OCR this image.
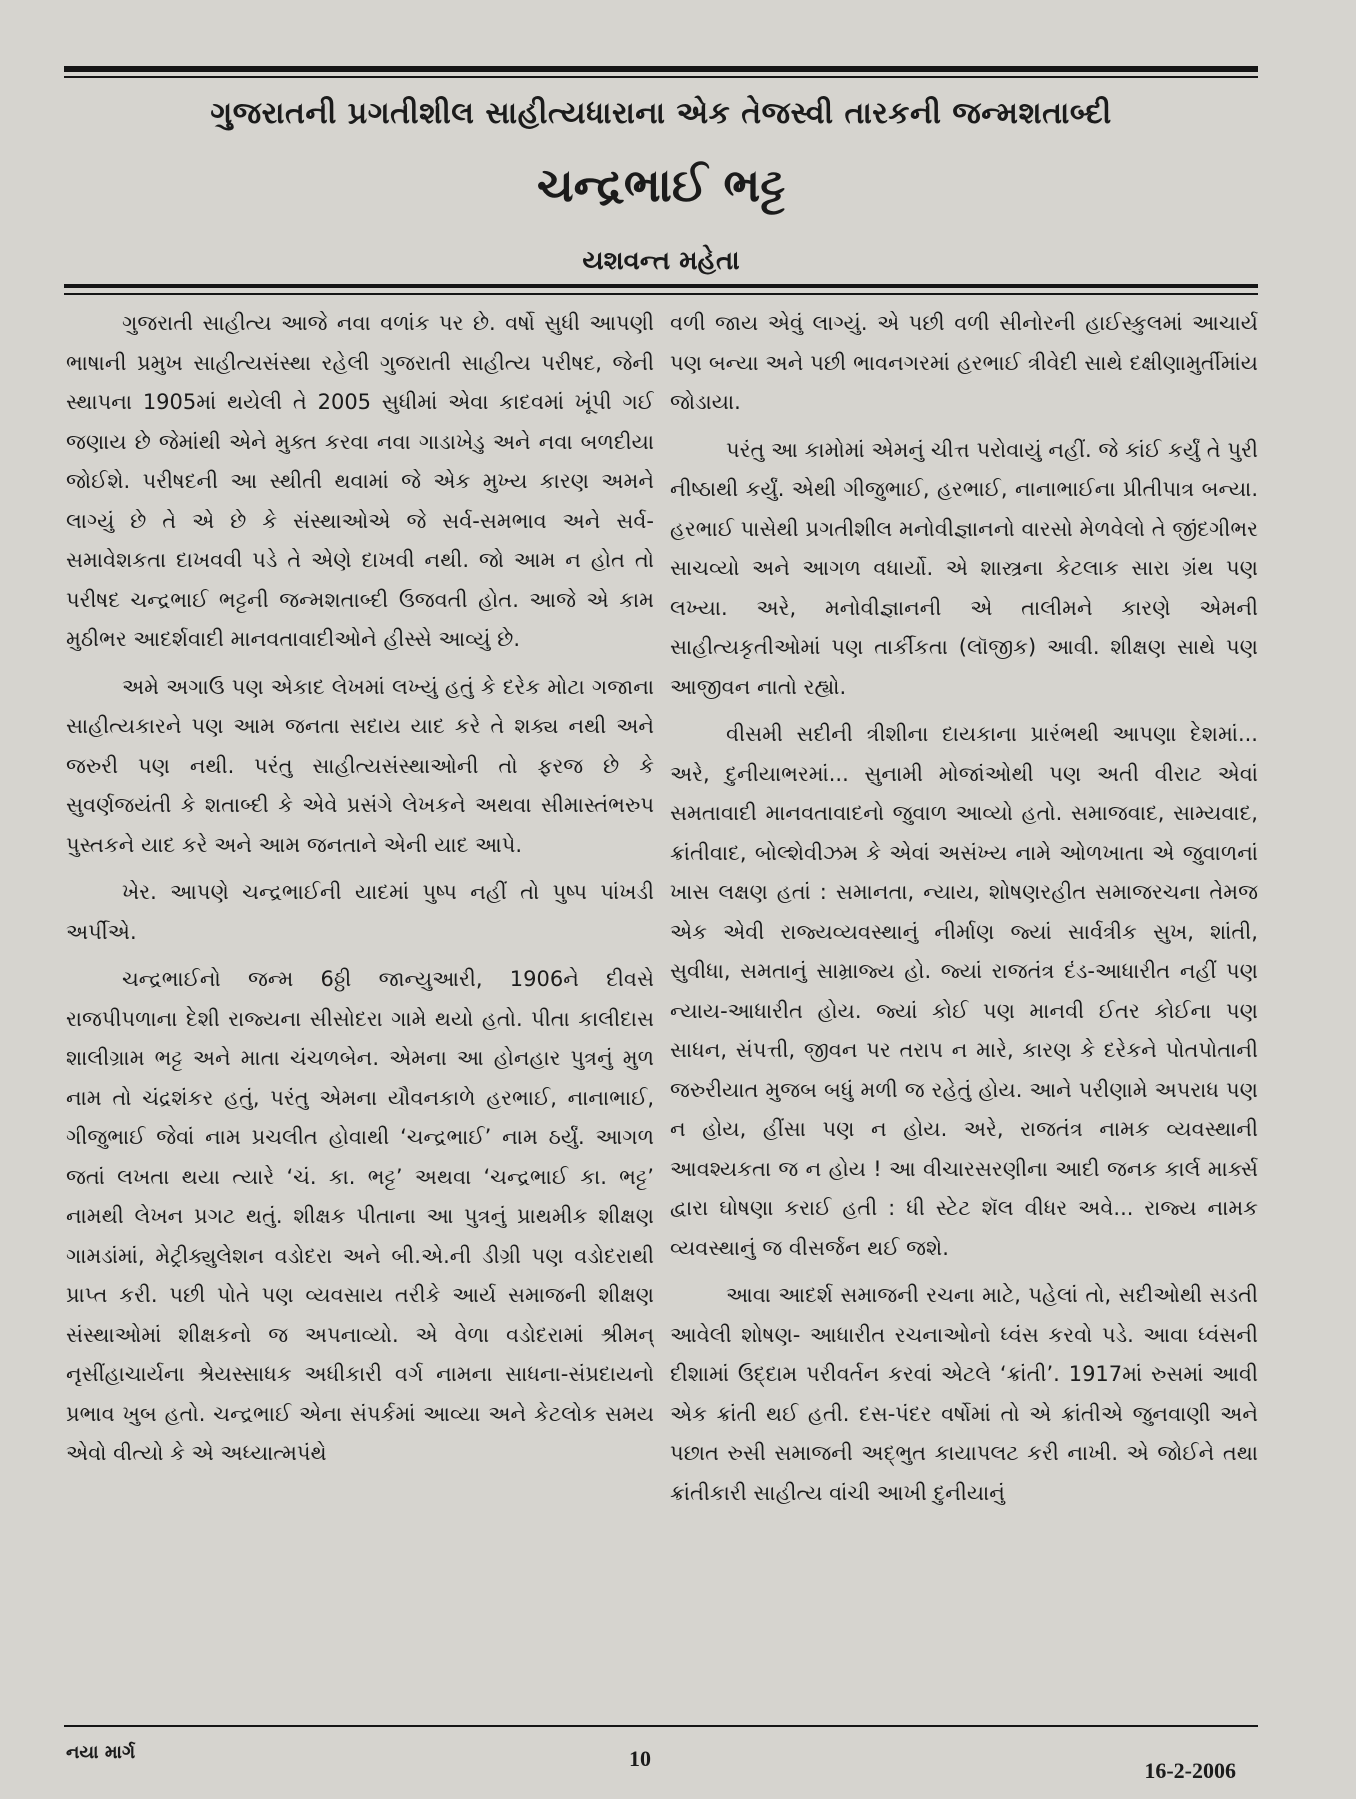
ગુજરાતની પ્રગતીશીલ સાહીત્યધારાના એક તેજસ્વી તારકની જન્મશતાબ્દી
ચન્દ્રભાઈ ભટ્ટ
યશવન્ત મહેતા

ગુજરાતી સાહીત્ય આજે નવા વળાંક પર છે. વર્ષો સુધી આપણી ભાષાની પ્રમુખ સાહીત્યસંસ્થા રહેલી ગુજરાતી સાહીત્ય પરીષદ, જેની સ્થાપના 1905માં થયેલી તે 2005 સુધીમાં એવા કાદવમાં ખૂંપી ગઈ જણાય છે જેમાંથી એને મુક્ત કરવા નવા ગાડાખેડુ અને નવા બળદીયા જોઈશે. પરીષદની આ સ્થીતી થવામાં જે એક મુખ્ય કારણ અમને લાગ્યું છે તે એ છે કે સંસ્થાઓએ જે સર્વ-સમભાવ અને સર્વ-સમાવેશકતા દાખવવી પડે તે એણે દાખવી નથી. જો આમ ન હોત તો પરીષદ ચન્દ્રભાઈ ભટ્ટની જન્મશતાબ્દી ઉજવતી હોત. આજે એ કામ મુઠીભર આદર્શવાદી માનવતાવાદીઓને હીસ્સે આવ્યું છે.

અમે અગાઉ પણ એકાદ લેખમાં લખ્યું હતું કે દરેક મોટા ગજાના સાહીત્યકારને પણ આમ જનતા સદાય યાદ કરે તે શક્ય નથી અને જરુરી પણ નથી. પરંતુ સાહીત્યસંસ્થાઓની તો ફરજ છે કે સુવર્ણજયંતી કે શતાબ્દી કે એવે પ્રસંગે લેખકને અથવા સીમાસ્તંભરુપ પુસ્તકને યાદ કરે અને આમ જનતાને એની યાદ આપે.

ખેર. આપણે ચન્દ્રભાઈની યાદમાં પુષ્પ નહીં તો પુષ્પ પાંખડી અર્પીએ.

ચન્દ્રભાઈનો જન્મ 6ઠ્ઠી જાન્યુઆરી, 1906ને દીવસે રાજપીપળાના દેશી રાજ્યના સીસોદરા ગામે થયો હતો. પીતા કાલીદાસ શાલીગ્રામ ભટ્ટ અને માતા ચંચળબેન. એમના આ હોનહાર પુત્રનું મુળ નામ તો ચંદ્રશંકર હતું, પરંતુ એમના યૌવનકાળે હરભાઈ, નાનાભાઈ, ગીજુભાઈ જેવાં નામ પ્રચલીત હોવાથી ‘ચન્દ્રભાઈ’ નામ ઠર્યું. આગળ જતાં લખતા થયા ત્યારે ‘ચં. કા. ભટ્ટ’ અથવા ‘ચન્દ્રભાઈ કા. ભટ્ટ’ નામથી લેખન પ્રગટ થતું. શીક્ષક પીતાના આ પુત્રનું પ્રાથમીક શીક્ષણ ગામડાંમાં, મેટ્રીક્યુલેશન વડોદરા અને બી.એ.ની ડીગ્રી પણ વડોદરાથી પ્રાપ્ત કરી. પછી પોતે પણ વ્યવસાય તરીકે આર્ય સમાજની શીક્ષણ સંસ્થાઓમાં શીક્ષકનો જ અપનાવ્યો. એ વેળા વડોદરામાં શ્રીમન્ નૃસીંહાચાર્યના શ્રેયસ્સાધક અધીકારી વર્ગ નામના સાધના-સંપ્રદાયનો પ્રભાવ ખુબ હતો. ચન્દ્રભાઈ એના સંપર્કમાં આવ્યા અને કેટલોક સમય એવો વીત્યો કે એ અધ્યાત્મપંથે

વળી જાય એવું લાગ્યું. એ પછી વળી સીનોરની હાઈસ્કુલમાં આચાર્ય પણ બન્યા અને પછી ભાવનગરમાં હરભાઈ ત્રીવેદી સાથે દક્ષીણામુર્તીમાંય જોડાયા.

પરંતુ આ કામોમાં એમનું ચીત્ત પરોવાયું નહીં. જે કાંઈ કર્યું તે પુરી નીષ્ઠાથી કર્યું. એથી ગીજુભાઈ, હરભાઈ, નાનાભાઈના પ્રીતીપાત્ર બન્યા. હરભાઈ પાસેથી પ્રગતીશીલ મનોવીજ્ઞાનનો વારસો મેળવેલો તે જીંદગીભર સાચવ્યો અને આગળ વધાર્યો. એ શાસ્ત્રના કેટલાક સારા ગ્રંથ પણ લખ્યા. અરે, મનોવીજ્ઞાનની એ તાલીમને કારણે એમની સાહીત્યકૃતીઓમાં પણ તાર્કીકતા (લૉજીક) આવી. શીક્ષણ સાથે પણ આજીવન નાતો રહ્યો.

વીસમી સદીની ત્રીશીના દાયકાના પ્રારંભથી આપણા દેશમાં... અરે, દુનીયાભરમાં... સુનામી મોજાંઓથી પણ અતી વીરાટ એવાં સમતાવાદી માનવતાવાદનો જુવાળ આવ્યો હતો. સમાજવાદ, સામ્યવાદ, ક્રાંતીવાદ, બોલ્શેવીઝમ કે એવાં અસંખ્ય નામે ઓળખાતા એ જુવાળનાં ખાસ લક્ષણ હતાં : સમાનતા, ન્યાય, શોષણરહીત સમાજરચના તેમજ એક એવી રાજ્યવ્યવસ્થાનું નીર્માણ જ્યાં સાર્વત્રીક સુખ, શાંતી, સુવીધા, સમતાનું સામ્રાજ્ય હો. જ્યાં રાજતંત્ર દંડ-આધારીત નહીં પણ ન્યાય-આધારીત હોય. જ્યાં કોઈ પણ માનવી ઈતર કોઈના પણ સાધન, સંપત્તી, જીવન પર તરાપ ન મારે, કારણ કે દરેકને પોતપોતાની જરુરીયાત મુજબ બધું મળી જ રહેતું હોય. આને પરીણામે અપરાધ પણ ન હોય, હીંસા પણ ન હોય. અરે, રાજતંત્ર નામક વ્યવસ્થાની આવશ્યકતા જ ન હોય ! આ વીચારસરણીના આદી જનક કાર્લ માર્ક્સ દ્વારા ઘોષણા કરાઈ હતી : ધી સ્ટેટ શૅલ વીધર અવે... રાજ્ય નામક વ્યવસ્થાનું જ વીસર્જન થઈ જશે.

આવા આદર્શ સમાજની રચના માટે, પહેલાં તો, સદીઓથી સડતી આવેલી શોષણ- આધારીત રચનાઓનો ધ્વંસ કરવો પડે. આવા ધ્વંસની દીશામાં ઉદ્દામ પરીવર્તન કરવાં એટલે ‘ક્રાંતી’. 1917માં રુસમાં આવી એક ક્રાંતી થઈ હતી. દસ-પંદર વર્ષોમાં તો એ ક્રાંતીએ જુનવાણી અને પછાત રુસી સમાજની અદ્ભુત કાયાપલટ કરી નાખી. એ જોઈને તથા ક્રાંતીકારી સાહીત્ય વાંચી આખી દુનીયાનું

નયા માર્ગ	10	16-2-2006
